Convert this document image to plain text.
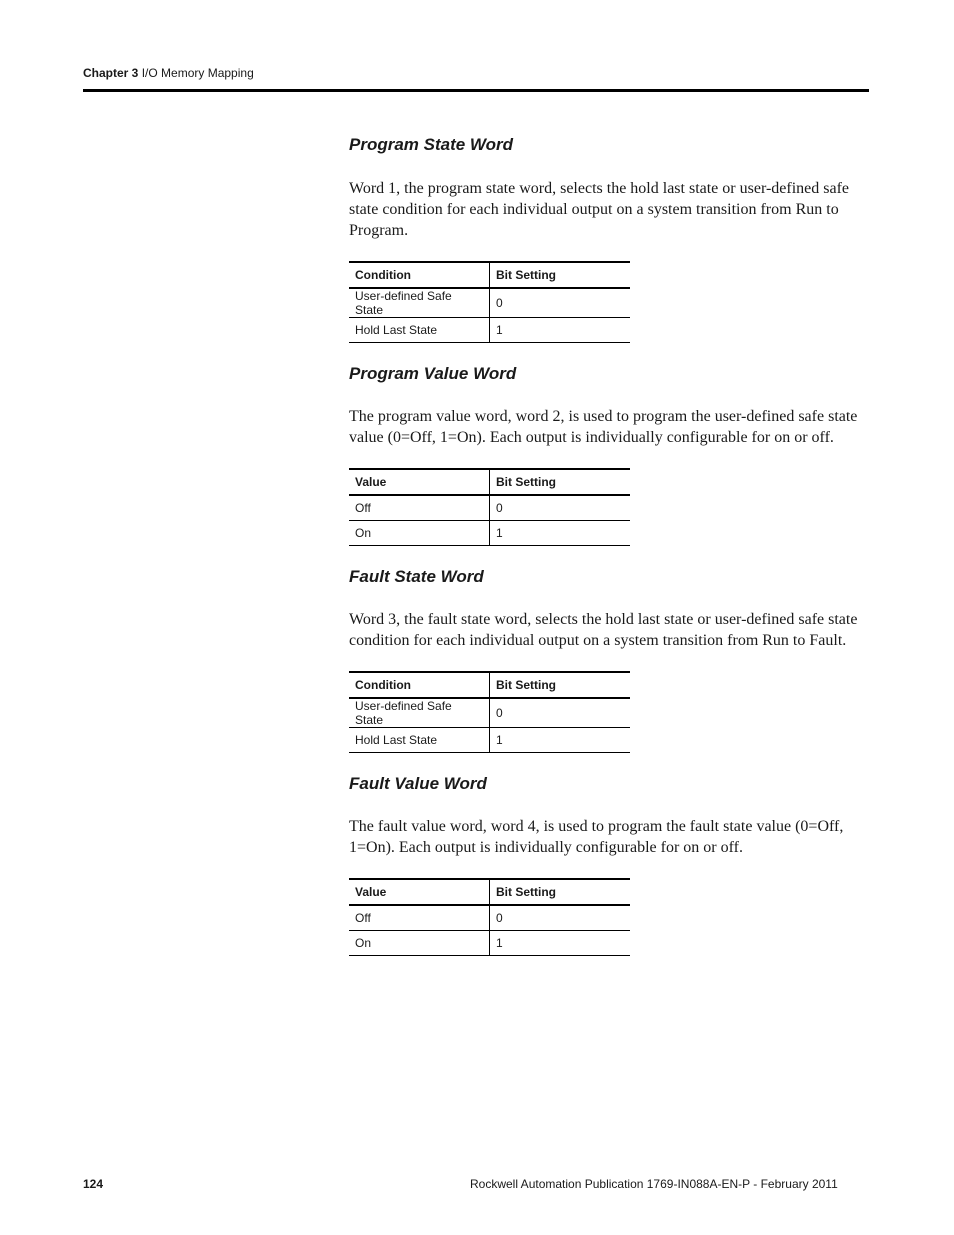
Chapter 3 I/O Memory Mapping
Program State Word

Word 1, the program state word, selects the hold last state or user-defined safe state condition for each individual output on a system transition from Run to Program.

Condition	Bit Setting
User-defined Safe State	0
Hold Last State	1
Program Value Word

The program value word, word 2, is used to program the user-defined safe state value (0=Off, 1=On). Each output is individually configurable for on or off.

Value	Bit Setting
Off	0
On	1
Fault State Word

Word 3, the fault state word, selects the hold last state or user-defined safe state condition for each individual output on a system transition from Run to Fault.

Condition	Bit Setting
User-defined Safe State	0
Hold Last State	1
Fault Value Word

The fault value word, word 4, is used to program the fault state value (0=Off, 1=On). Each output is individually configurable for on or off.

Value	Bit Setting
Off	0
On	1
124	Rockwell Automation Publication 1769-IN088A-EN-P - February 2011
